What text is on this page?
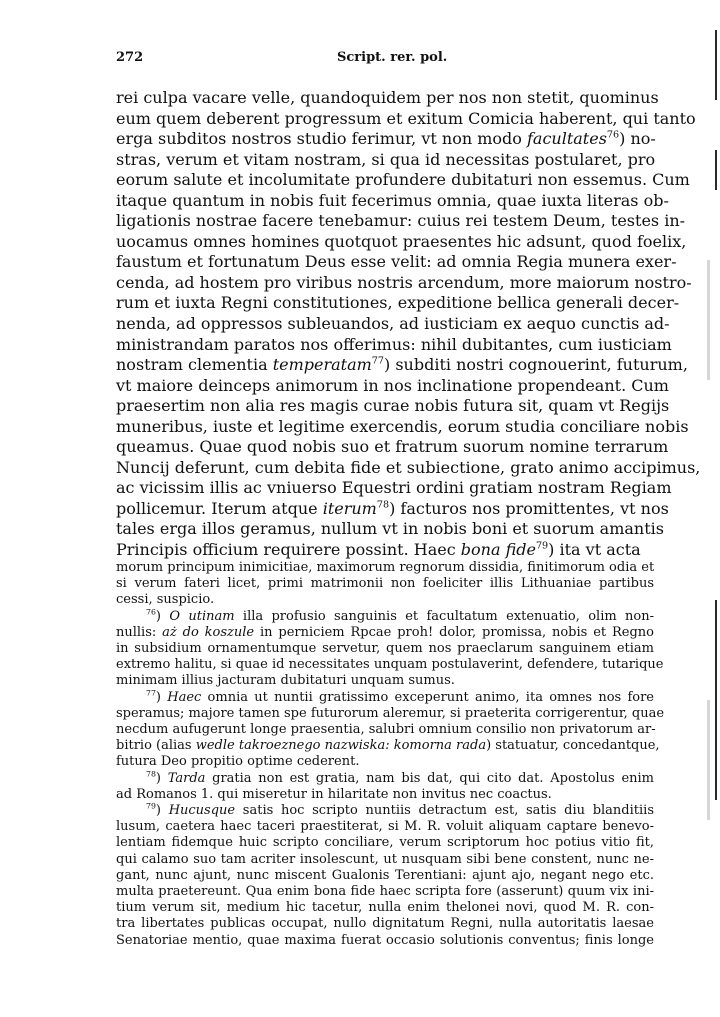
272	Script. rer. pol.
rei culpa vacare velle, quandoquidem per nos non stetit, quominus
eum quem deberent progressum et exitum Comicia haberent, qui tanto
erga subditos nostros studio ferimur, vt non modo facultates$^{76}$) no-
stras, verum et vitam nostram, si qua id necessitas postularet, pro
eorum salute et incolumitate profundere dubitaturi non essemus. Cum
itaque quantum in nobis fuit fecerimus omnia, quae iuxta literas ob-
ligationis nostrae facere tenebamur: cuius rei testem Deum, testes in-
uocamus omnes homines quotquot praesentes hic adsunt, quod foelix,
faustum et fortunatum Deus esse velit: ad omnia Regia munera exer-
cenda, ad hostem pro viribus nostris arcendum, more maiorum nostro-
rum et iuxta Regni constitutiones, expeditione bellica generali decer-
nenda, ad oppressos subleuandos, ad iusticiam ex aequo cunctis ad-
ministrandam paratos nos offerimus: nihil dubitantes, cum iusticiam
nostram clementia temperatam$^{77}$) subditi nostri cognouerint, futurum,
vt maiore deinceps animorum in nos inclinatione propendeant. Cum
praesertim non alia res magis curae nobis futura sit, quam vt Regijs
muneribus, iuste et legitime exercendis, eorum studia conciliare nobis
queamus. Quae quod nobis suo et fratrum suorum nomine terrarum
Nuncij deferunt, cum debita fide et subiectione, grato animo accipimus,
ac vicissim illis ac vniuerso Equestri ordini gratiam nostram Regiam
pollicemur. Iterum atque iterum$^{78}$) facturos nos promittentes, vt nos
tales erga illos geramus, nullum vt in nobis boni et suorum amantis
Principis officium requirere possint. Haec bona fide$^{79}$) ita vt acta
morum principum inimicitiae, maximorum regnorum dissidia, finitimorum odia et
si verum fateri licet, primi matrimonii non foeliciter illis Lithuaniae partibus
cessi, suspicio.
$^{76}$) O utinam illa profusio sanguinis et facultatum extenuatio, olim non-
nullis: aż do koszule in perniciem Rpcae proh! dolor, promissa, nobis et Regno
in subsidium ornamentumque servetur, quem nos praeclarum sanguinem etiam
extremo halitu, si quae id necessitates unquam postulaverint, defendere, tutarique
minimam illius jacturam dubitaturi unquam sumus.
$^{77}$) Haec omnia ut nuntii gratissimo exceperunt animo, ita omnes nos fore
speramus; majore tamen spe futurorum aleremur, si praeterita corrigerentur, quae
necdum aufugerunt longe praesentia, salubri omnium consilio non privatorum ar-
bitrio (alias wedle takroeznego nazwiska: komorna rada) statuatur, concedantque,
futura Deo propitio optime cederent.
$^{78}$) Tarda gratia non est gratia, nam bis dat, qui cito dat. Apostolus enim
ad Romanos 1. qui miseretur in hilaritate non invitus nec coactus.
$^{79}$) Hucusque satis hoc scripto nuntiis detractum est, satis diu blanditiis
lusum, caetera haec taceri praestiterat, si M. R. voluit aliquam captare benevo-
lentiam fidemque huic scripto conciliare, verum scriptorum hoc potius vitio fit,
qui calamo suo tam acriter insolescunt, ut nusquam sibi bene constent, nunc ne-
gant, nunc ajunt, nunc miscent Gualonis Terentiani: ajunt ajo, negant nego etc.
multa praetereunt. Qua enim bona fide haec scripta fore (asserunt) quum vix ini-
tium verum sit, medium hic tacetur, nulla enim thelonei novi, quod M. R. con-
tra libertates publicas occupat, nullo dignitatum Regni, nulla autoritatis laesae
Senatoriae mentio, quae maxima fuerat occasio solutionis conventus; finis longe
